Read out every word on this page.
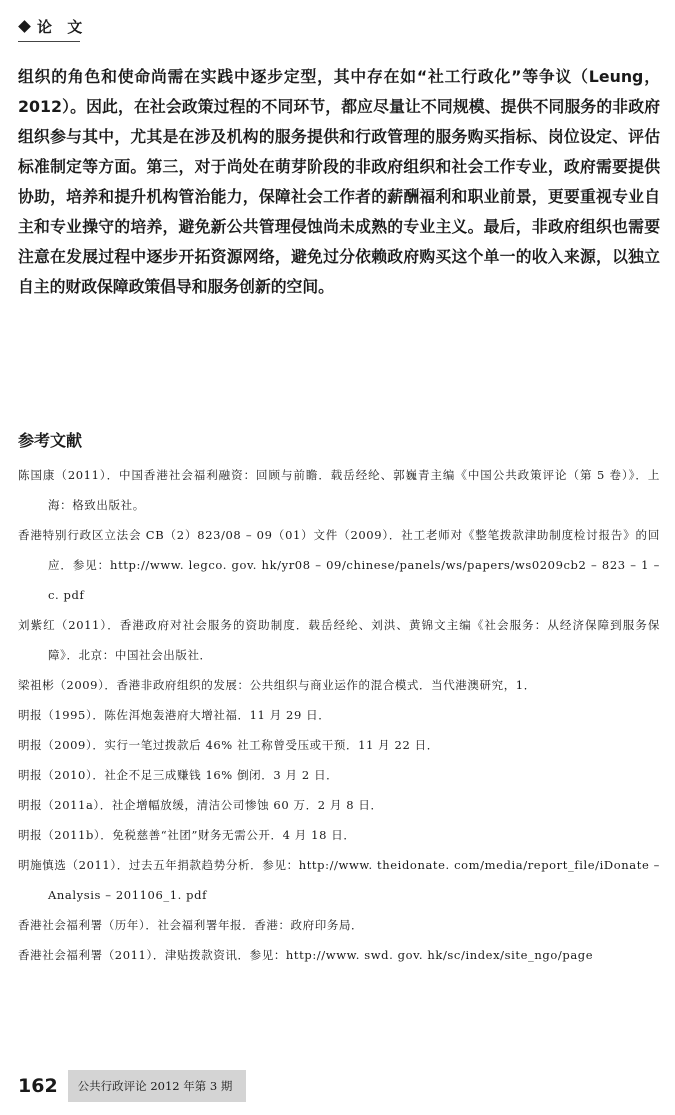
论 文

组织的角色和使命尚需在实践中逐步定型，其中存在如“社工行政化”等争议（Leung，2012）。因此，在社会政策过程的不同环节，都应尽量让不同规模、提供不同服务的非政府组织参与其中，尤其是在涉及机构的服务提供和行政管理的服务购买指标、岗位设定、评估标准制定等方面。第三，对于尚处在萌芽阶段的非政府组织和社会工作专业，政府需要提供协助，培养和提升机构管治能力，保障社会工作者的薪酬福利和职业前景，更要重视专业自主和专业操守的培养，避免新公共管理侵蚀尚未成熟的专业主义。最后，非政府组织也需要注意在发展过程中逐步开拓资源网络，避免过分依赖政府购买这个单一的收入来源，以独立自主的财政保障政策倡导和服务创新的空间。

参考文献
陈国康（2011）．中国香港社会福利融资：回顾与前瞻．载岳经纶、郭巍青主编《中国公共政策评论（第 5 卷）》．上海：格致出版社。
香港特别行政区立法会 CB（2）823/08 – 09（01）文件（2009）．社工老师对《整笔拨款津助制度检讨报告》的回应．参见：http://www. legco. gov. hk/yr08 – 09/chinese/panels/ws/papers/ws0209cb2 – 823 – 1 – c. pdf
刘紫红（2011）．香港政府对社会服务的资助制度．载岳经纶、刘洪、黄锦文主编《社会服务：从经济保障到服务保障》．北京：中国社会出版社．
梁祖彬（2009）．香港非政府组织的发展：公共组织与商业运作的混合模式．当代港澳研究，1．
明报（1995）．陈佐洱炮轰港府大增社福．11 月 29 日．
明报（2009）．实行一笔过拨款后 46% 社工称曾受压或干预．11 月 22 日．
明报（2010）．社企不足三成赚钱 16% 倒闭．3 月 2 日．
明报（2011a）．社企增幅放缓，清洁公司惨蚀 60 万．2 月 8 日．
明报（2011b）．免税慈善“社团”财务无需公开．4 月 18 日．
明施慎选（2011）．过去五年捐款趋势分析．参见：http://www. theidonate. com/media/report_file/iDonate – Analysis – 201106_1. pdf
香港社会福利署（历年）．社会福利署年报．香港：政府印务局．
香港社会福利署（2011）．津贴拨款资讯．参见：http://www. swd. gov. hk/sc/index/site_ngo/page
162	公共行政评论 2012 年第 3 期
